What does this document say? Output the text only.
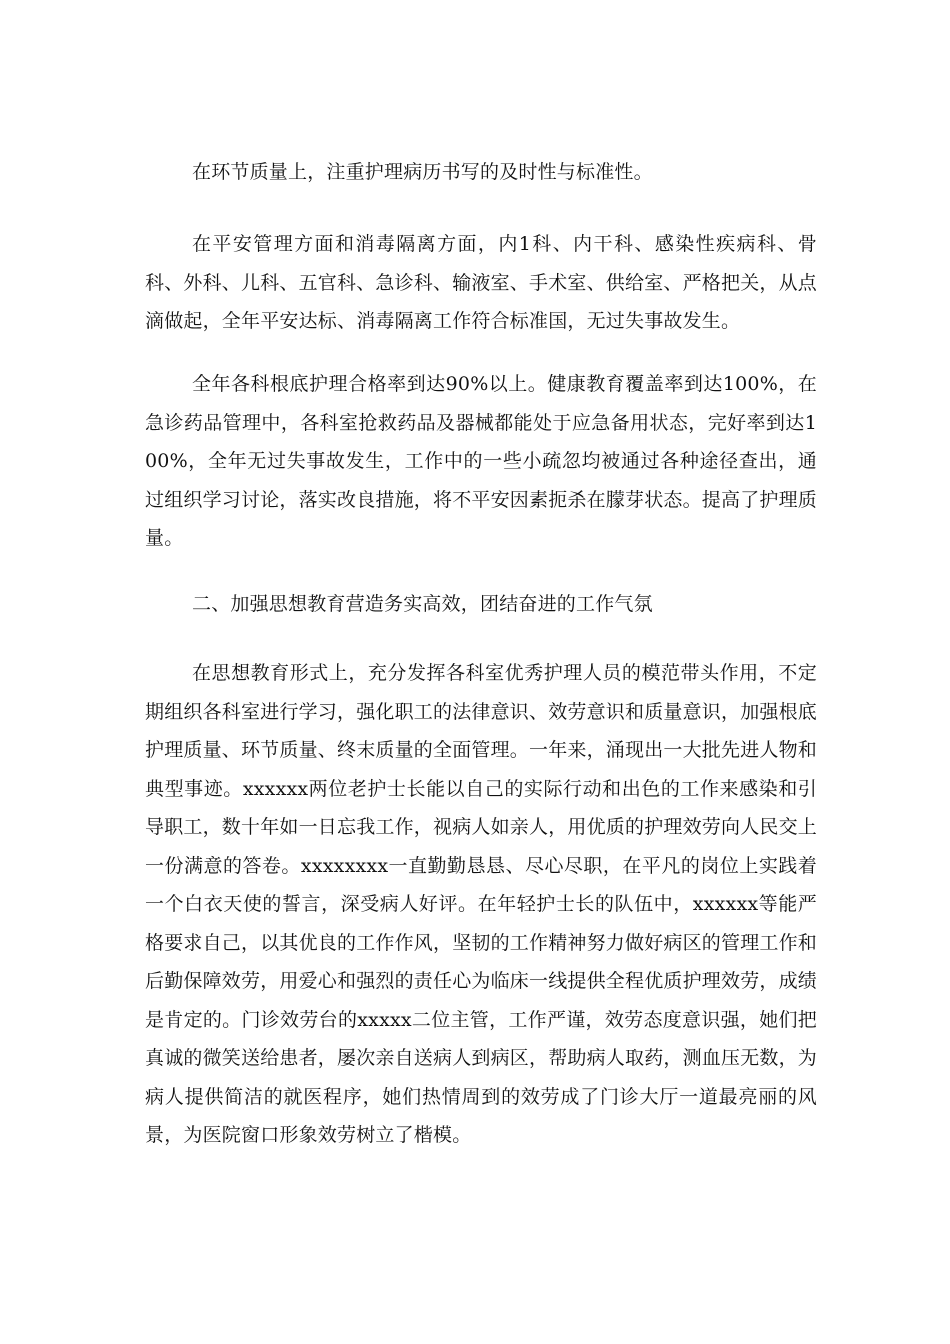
在环节质量上，注重护理病历书写的及时性与标准性。

在平安管理方面和消毒隔离方面，内1科、内干科、感染性疾病科、骨科、外科、儿科、五官科、急诊科、输液室、手术室、供给室、严格把关，从点滴做起，全年平安达标、消毒隔离工作符合标准国，无过失事故发生。

全年各科根底护理合格率到达90%以上。健康教育覆盖率到达100%，在急诊药品管理中，各科室抢救药品及器械都能处于应急备用状态，完好率到达100%，全年无过失事故发生，工作中的一些小疏忽均被通过各种途径查出，通过组织学习讨论，落实改良措施，将不平安因素扼杀在朦芽状态。提高了护理质量。

二、加强思想教育营造务实高效，团结奋进的工作气氛

在思想教育形式上，充分发挥各科室优秀护理人员的模范带头作用，不定期组织各科室进行学习，强化职工的法律意识、效劳意识和质量意识，加强根底护理质量、环节质量、终末质量的全面管理。一年来，涌现出一大批先进人物和典型事迹。xxxxxx两位老护士长能以自己的实际行动和出色的工作来感染和引导职工，数十年如一日忘我工作，视病人如亲人，用优质的护理效劳向人民交上一份满意的答卷。xxxxxxxx一直勤勤恳恳、尽心尽职，在平凡的岗位上实践着一个白衣天使的誓言，深受病人好评。在年轻护士长的队伍中，xxxxxx等能严格要求自己，以其优良的工作作风，坚韧的工作精神努力做好病区的管理工作和后勤保障效劳，用爱心和强烈的责任心为临床一线提供全程优质护理效劳，成绩是肯定的。门诊效劳台的xxxxx二位主管，工作严谨，效劳态度意识强，她们把真诚的微笑送给患者，屡次亲自送病人到病区，帮助病人取药，测血压无数，为病人提供简洁的就医程序，她们热情周到的效劳成了门诊大厅一道最亮丽的风景，为医院窗口形象效劳树立了楷模。
